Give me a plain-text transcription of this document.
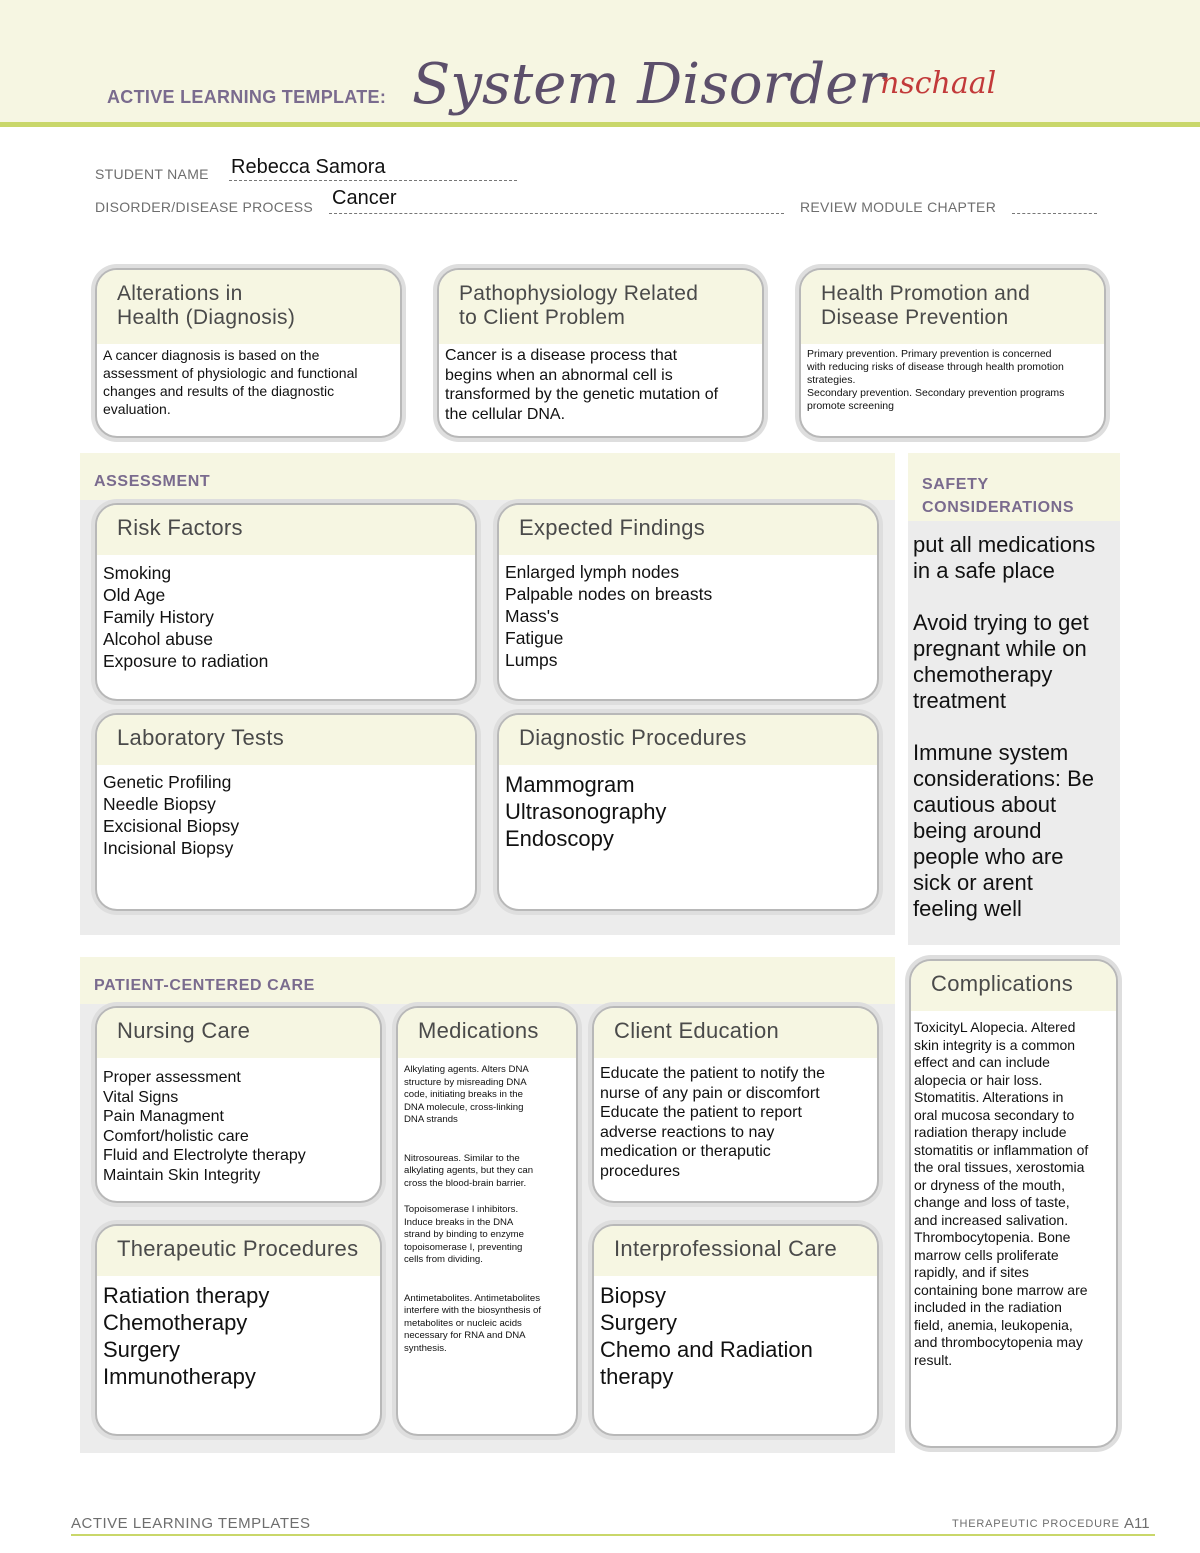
ACTIVE LEARNING TEMPLATE: System Disorder
nschaal
STUDENT NAME Rebecca Samora
DISORDER/DISEASE PROCESS Cancer	REVIEW MODULE CHAPTER
Alterations in
Health (Diagnosis)
A cancer diagnosis is based on the
assessment of physiologic and functional
changes and results of the diagnostic
evaluation.
Pathophysiology Related
to Client Problem
Cancer is a disease process that
begins when an abnormal cell is
transformed by the genetic mutation of
the cellular DNA.
Health Promotion and
Disease Prevention
Primary prevention. Primary prevention is concerned
with reducing risks of disease through health promotion
strategies.
Secondary prevention. Secondary prevention programs
promote screening
ASSESSMENT
Risk Factors
Smoking
Old Age
Family History
Alcohol abuse
Exposure to radiation
Expected Findings
Enlarged lymph nodes
Palpable nodes on breasts
Mass's
Fatigue
Lumps
Laboratory Tests
Genetic Profiling
Needle Biopsy
Excisional Biopsy
Incisional Biopsy
Diagnostic Procedures
Mammogram
Ultrasonography
Endoscopy
SAFETY
CONSIDERATIONS
put all medications
in a safe place
Avoid trying to get
pregnant while on
chemotherapy
treatment
Immune system
considerations: Be
cautious about
being around
people who are
sick or arent
feeling well
PATIENT-CENTERED CARE
Nursing Care
Proper assessment
Vital Signs
Pain Managment
Comfort/holistic care
Fluid and Electrolyte therapy
Maintain Skin Integrity
Medications
Alkylating agents. Alters DNA
structure by misreading DNA
code, initiating breaks in the
DNA molecule, cross-linking
DNA strands
Nitrosoureas. Similar to the
alkylating agents, but they can
cross the blood-brain barrier.
Topoisomerase I inhibitors.
Induce breaks in the DNA
strand by binding to enzyme
topoisomerase I, preventing
cells from dividing.
Antimetabolites. Antimetabolites
interfere with the biosynthesis of
metabolites or nucleic acids
necessary for RNA and DNA
synthesis.
Client Education
Educate the patient to notify the
nurse of any pain or discomfort
Educate the patient to report
adverse reactions to nay
medication or theraputic
procedures
Therapeutic Procedures
Ratiation therapy
Chemotherapy
Surgery
Immunotherapy
Interprofessional Care
Biopsy
Surgery
Chemo and Radiation
therapy
Complications
ToxicityL Alopecia. Altered
skin integrity is a common
effect and can include
alopecia or hair loss.
Stomatitis. Alterations in
oral mucosa secondary to
radiation therapy include
stomatitis or inflammation of
the oral tissues, xerostomia
or dryness of the mouth,
change and loss of taste,
and increased salivation.
Thrombocytopenia. Bone
marrow cells proliferate
rapidly, and if sites
containing bone marrow are
included in the radiation
field, anemia, leukopenia,
and thrombocytopenia may
result.
ACTIVE LEARNING TEMPLATES	THERAPEUTIC PROCEDURE A11
